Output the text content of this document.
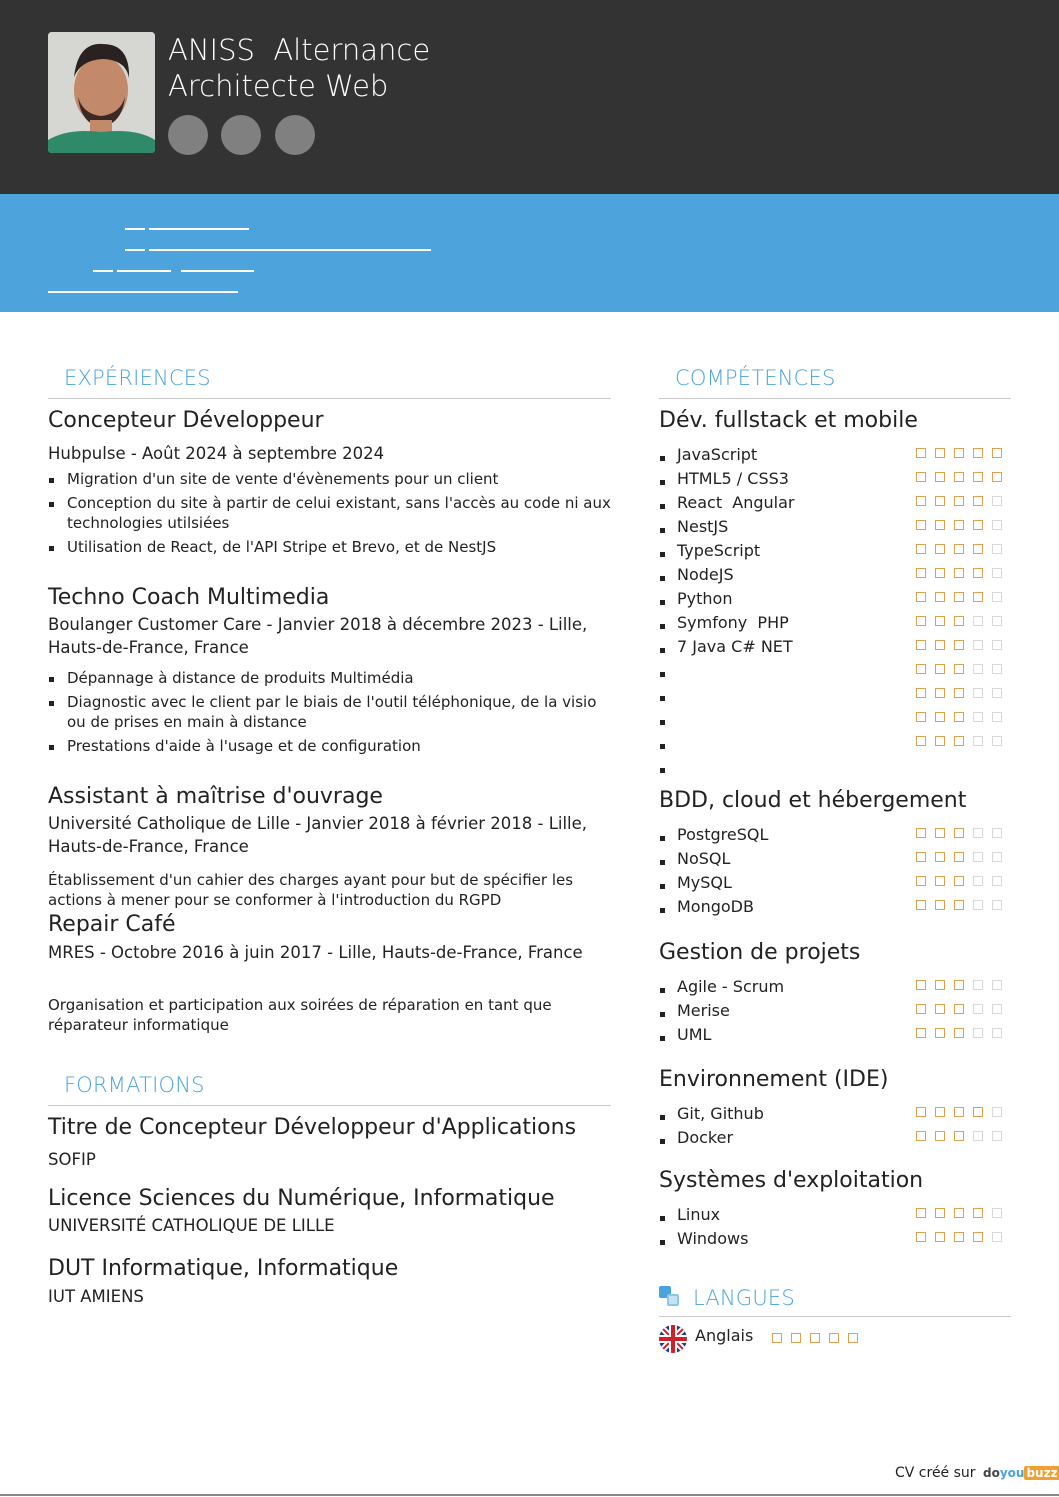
ANISS  Alternance
Architecte Web
EXPÉRIENCES
Concepteur Développeur
Hubpulse - Août 2024 à septembre 2024
Migration d'un site de vente d'évènements pour un client
Conception du site à partir de celui existant, sans l'accès au code ni aux technologies utilsiées
Utilisation de React, de l'API Stripe et Brevo, et de NestJS
Techno Coach Multimedia
Boulanger Customer Care - Janvier 2018 à décembre 2023 - Lille, Hauts-de-France, France
Dépannage à distance de produits Multimédia
Diagnostic avec le client par le biais de l'outil téléphonique, de la visio ou de prises en main à distance
Prestations d'aide à l'usage et de configuration
Assistant à maîtrise d'ouvrage
Université Catholique de Lille - Janvier 2018 à février 2018 - Lille, Hauts-de-France, France
Établissement d'un cahier des charges ayant pour but de spécifier les actions à mener pour se conformer à l'introduction du RGPD
Repair Café
MRES - Octobre 2016 à juin 2017 - Lille, Hauts-de-France, France
Organisation et participation aux soirées de réparation en tant que réparateur informatique
FORMATIONS
Titre de Concepteur Développeur d'Applications
SOFIP
Licence Sciences du Numérique, Informatique
UNIVERSITÉ CATHOLIQUE DE LILLE
DUT Informatique, Informatique
IUT AMIENS
COMPÉTENCES
Dév. fullstack et mobile
JavaScript
HTML5 / CSS3
React  Angular
NestJS
TypeScript
NodeJS
Python
Symfony  PHP
7 Java C# NET
BDD, cloud et hébergement
PostgreSQL
NoSQL
MySQL
MongoDB
Gestion de projets
Agile - Scrum
Merise
UML
Environnement (IDE)
Git, Github
Docker
Systèmes d'exploitation
Linux
Windows
LANGUES
Anglais
CV créé sur doyou buzz
